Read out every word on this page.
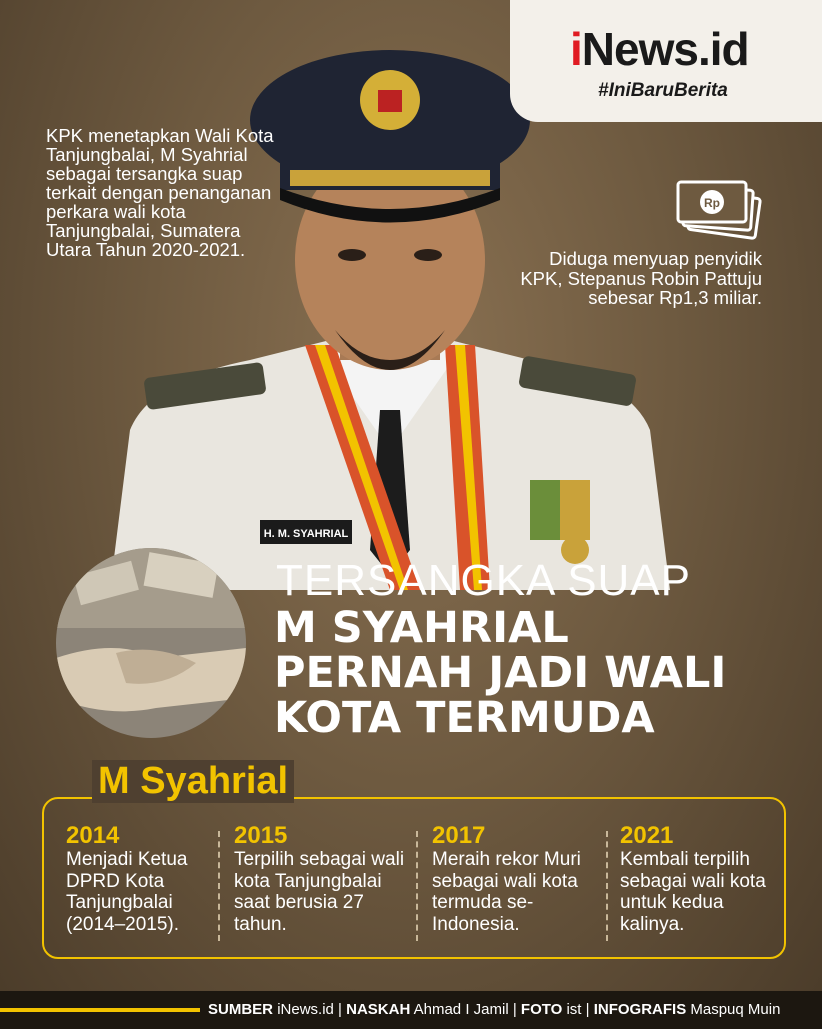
H. M. SYAHRIAL
iNews.id
#IniBaruBerita
KPK menetapkan Wali Kota Tanjungbalai, M Syahrial sebagai tersangka suap terkait dengan penanganan perkara wali kota Tanjungbalai, Sumatera Utara Tahun 2020-2021.
Rp
Diduga menyuap penyidik KPK, Stepanus Robin Pattuju sebesar Rp1,3 miliar.
TERSANGKA SUAP
M SYAHRIAL
PERNAH JADI WALI
KOTA TERMUDA
M Syahrial
2014
Menjadi Ketua DPRD Kota Tanjungbalai (2014–2015).
2015
Terpilih sebagai wali kota Tanjungbalai saat berusia 27 tahun.
2017
Meraih rekor Muri sebagai wali kota termuda se-Indonesia.
2021
Kembali terpilih sebagai wali kota untuk kedua kalinya.
SUMBER iNews.id | NASKAH Ahmad I Jamil | FOTO ist | INFOGRAFIS Maspuq Muin
